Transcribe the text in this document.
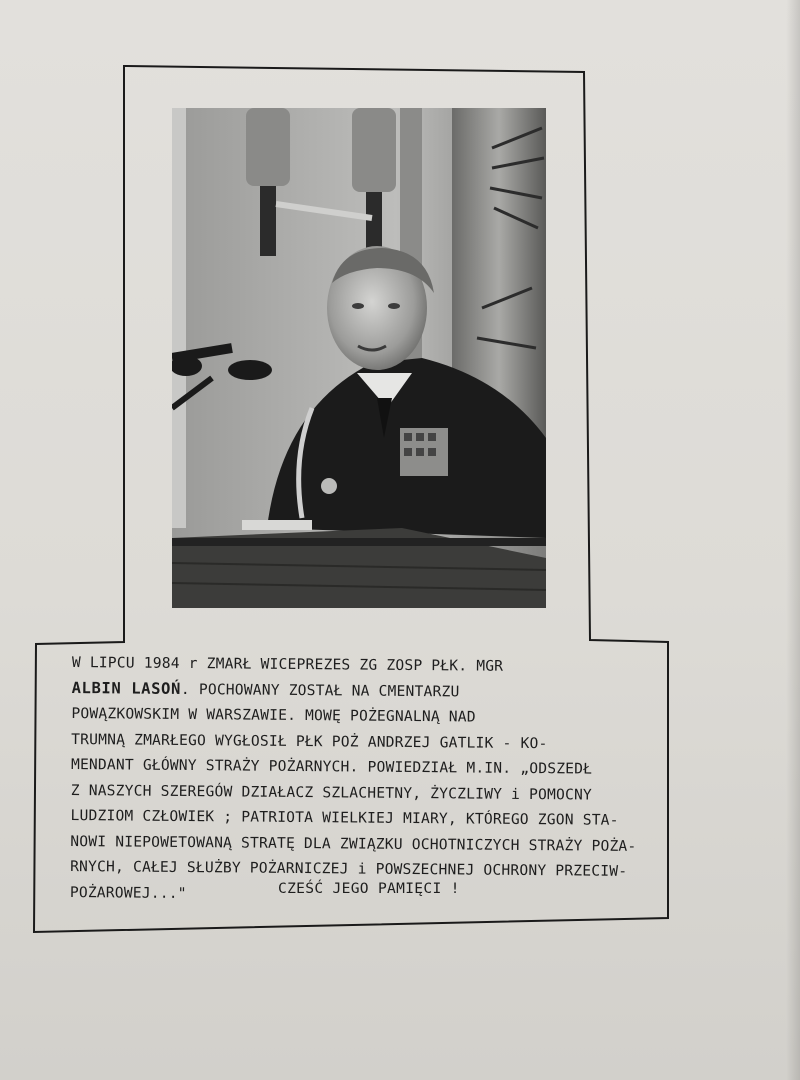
W LIPCU 1984 r ZMARŁ WICEPREZES ZG ZOSP PŁK. MGR
ALBIN LASOŃ. POCHOWANY ZOSTAŁ NA CMENTARZU
POWĄZKOWSKIM W WARSZAWIE. MOWĘ POŻEGNALNĄ NAD
TRUMNĄ ZMARŁEGO WYGŁOSIŁ PŁK POŻ ANDRZEJ GATLIK - KO-
MENDANT GŁÓWNY STRAŻY POŻARNYCH. POWIEDZIAŁ M.IN. „ODSZEDŁ
Z NASZYCH SZEREGÓW DZIAŁACZ SZLACHETNY, ŻYCZLIWY i POMOCNY
LUDZIOM CZŁOWIEK ; PATRIOTA WIELKIEJ MIARY, KTÓREGO ZGON STA-
NOWI NIEPOWETOWANĄ STRATĘ DLA ZWIĄZKU OCHOTNICZYCH STRAŻY POŻA-
RNYCH, CAŁEJ SŁUŻBY POŻARNICZEJ i POWSZECHNEJ OCHRONY PRZECIW-
POŻAROWEJ..."	CZEŚĆ JEGO PAMIĘCI !
